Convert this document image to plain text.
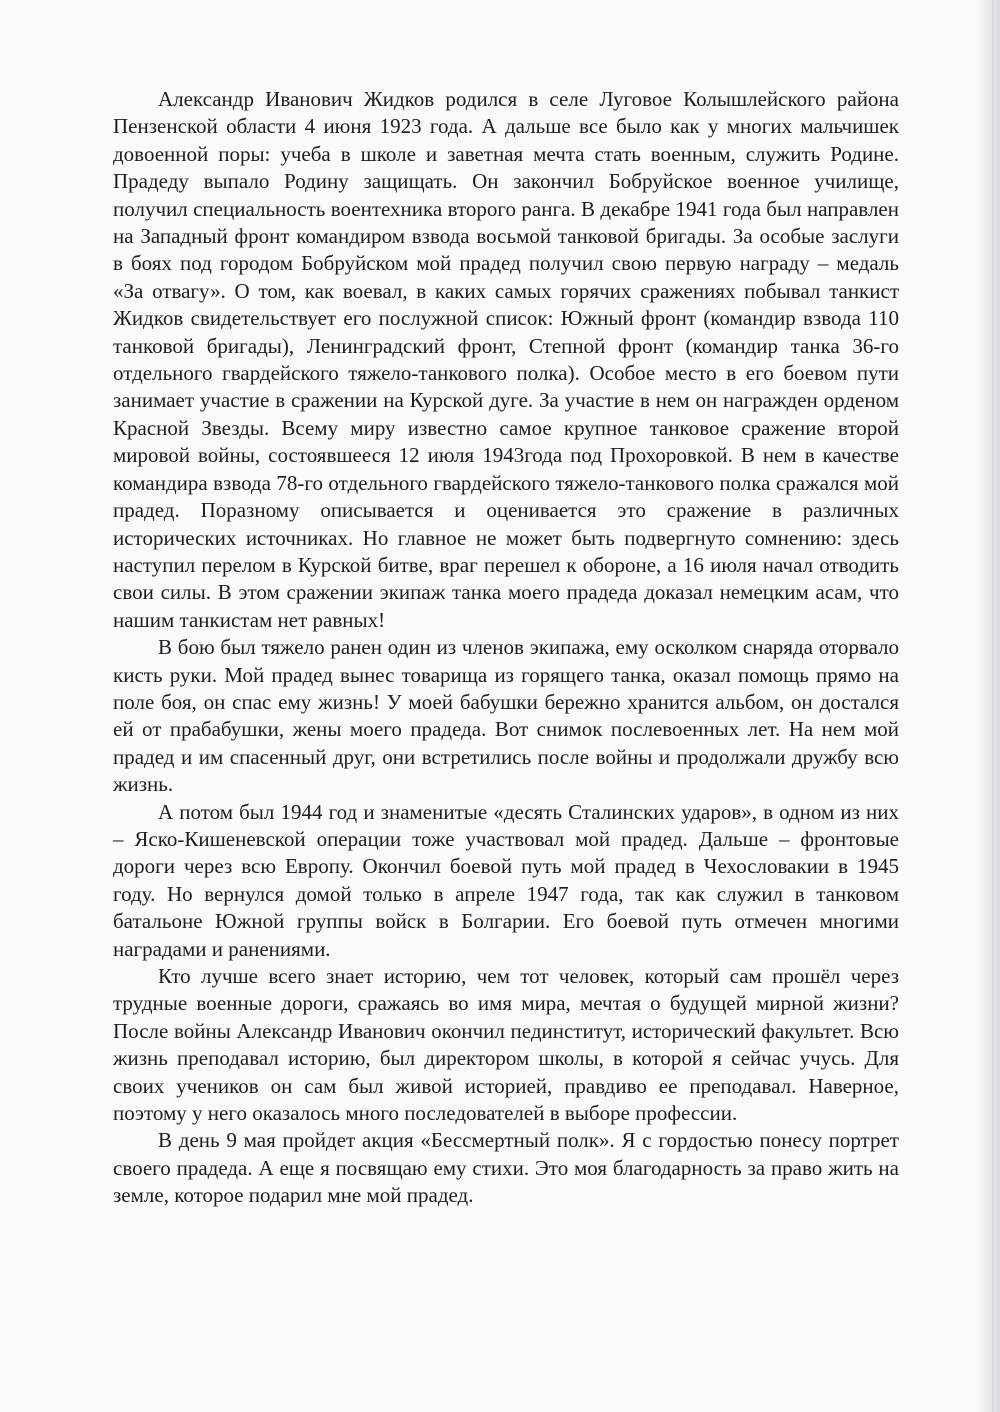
Александр Иванович Жидков родился в селе Луговое Колышлейского района Пензенской области 4 июня 1923 года. А дальше все было как у многих мальчишек довоенной поры: учеба в школе и заветная мечта стать военным, служить Родине. Прадеду выпало Родину защищать. Он закончил Бобруйское военное училище, получил специальность воентехника второго ранга. В декабре 1941 года был направлен на Западный фронт командиром взвода восьмой танковой бригады. За особые заслуги в боях под городом Бобруйском мой прадед получил свою первую награду – медаль «За отвагу». О том, как воевал, в каких самых горячих сражениях побывал танкист Жидков свидетельствует его послужной список: Южный фронт (командир взвода 110 танковой бригады), Ленинградский фронт, Степной фронт (командир танка 36-го отдельного гвардейского тяжело-танкового полка). Особое место в его боевом пути занимает участие в сражении на Курской дуге. За участие в нем он награжден орденом Красной Звезды. Всему миру известно самое крупное танковое сражение второй мировой войны, состоявшееся 12 июля 1943года под Прохоровкой. В нем в качестве командира взвода 78-го отдельного гвардейского тяжело-танкового полка сражался мой прадед. Поразному описывается и оценивается это сражение в различных исторических источниках. Но главное не может быть подвергнуто сомнению: здесь наступил перелом в Курской битве, враг перешел к обороне, а 16 июля начал отводить свои силы. В этом сражении экипаж танка моего прадеда доказал немецким асам, что нашим танкистам нет равных!

В бою был тяжело ранен один из членов экипажа, ему осколком снаряда оторвало кисть руки. Мой прадед вынес товарища из горящего танка, оказал помощь прямо на поле боя, он спас ему жизнь! У моей бабушки бережно хранится альбом, он достался ей от прабабушки, жены моего прадеда. Вот снимок послевоенных лет. На нем мой прадед и им спасенный друг, они встретились после войны и продолжали дружбу всю жизнь.

А потом был 1944 год и знаменитые «десять Сталинских ударов», в одном из них – Яско-Кишеневской операции тоже участвовал мой прадед. Дальше – фронтовые дороги через всю Европу. Окончил боевой путь мой прадед в Чехословакии в 1945 году. Но вернулся домой только в апреле 1947 года, так как служил в танковом батальоне Южной группы войск в Болгарии. Его боевой путь отмечен многими наградами и ранениями.

Кто лучше всего знает историю, чем тот человек, который сам прошёл через трудные военные дороги, сражаясь во имя мира, мечтая о будущей мирной жизни? После войны Александр Иванович окончил пединститут, исторический факультет. Всю жизнь преподавал историю, был директором школы, в которой я сейчас учусь. Для своих учеников он сам был живой историей, правдиво ее преподавал. Наверное, поэтому у него оказалось много последователей в выборе профессии.

В день 9 мая пройдет акция «Бессмертный полк». Я с гордостью понесу портрет своего прадеда. А еще я посвящаю ему стихи. Это моя благодарность за право жить на земле, которое подарил мне мой прадед.
